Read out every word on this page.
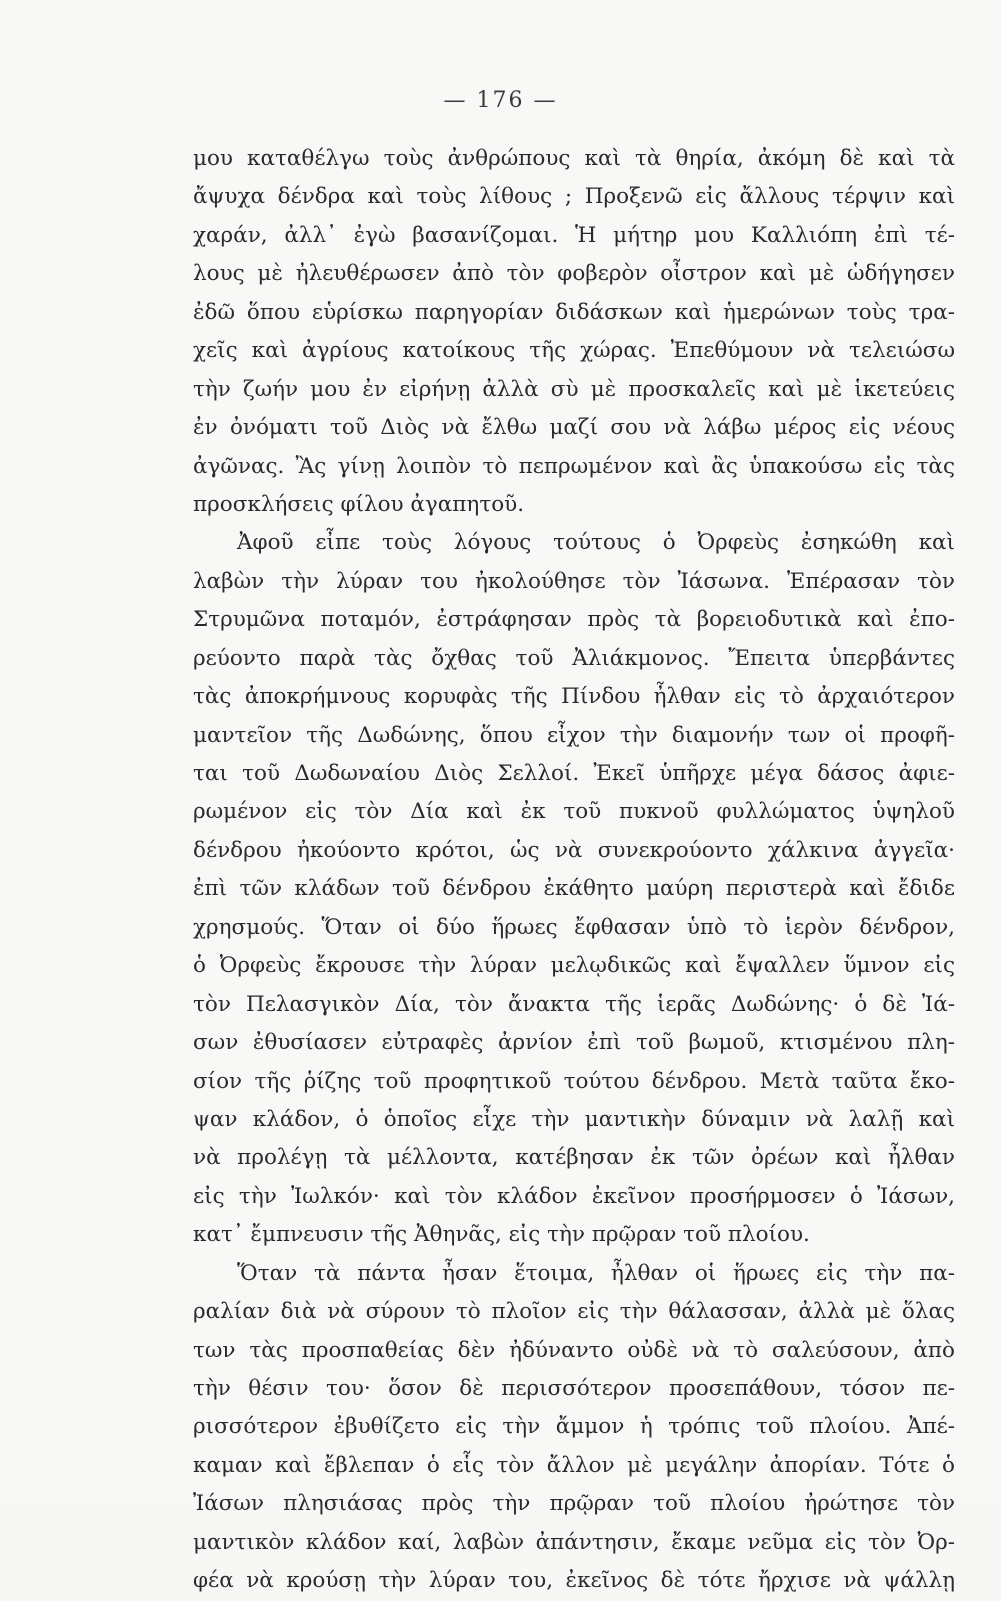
— 176 —
μου καταθέλγω τοὺς ἀνθρώπους καὶ τὰ θηρία, ἀκόμη δὲ καὶ τὰ
ἄψυχα δένδρα καὶ τοὺς λίθους ; Προξενῶ εἰς ἄλλους τέρψιν καὶ
χαράν, ἀλλ᾽ ἐγὼ βασανίζομαι. Ἡ μήτηρ μου Καλλιόπη ἐπὶ τέ-
λους μὲ ἠλευθέρωσεν ἀπὸ τὸν φοβερὸν οἶστρον καὶ μὲ ὡδήγησεν
ἐδῶ ὅπου εὑρίσκω παρηγορίαν διδάσκων καὶ ἡμερώνων τοὺς τρα-
χεῖς καὶ ἀγρίους κατοίκους τῆς χώρας. Ἐπεθύμουν νὰ τελειώσω
τὴν ζωήν μου ἐν εἰρήνῃ ἀλλὰ σὺ μὲ προσκαλεῖς καὶ μὲ ἱκετεύεις
ἐν ὀνόματι τοῦ Διὸς νὰ ἔλθω μαζί σου νὰ λάβω μέρος εἰς νέους
ἀγῶνας. Ἂς γίνῃ λοιπὸν τὸ πεπρωμένον καὶ ἂς ὑπακούσω εἰς τὰς
προσκλήσεις φίλου ἀγαπητοῦ.
Ἀφοῦ εἶπε τοὺς λόγους τούτους ὁ Ὀρφεὺς ἐσηκώθη καὶ
λαβὼν τὴν λύραν του ἠκολούθησε τὸν Ἰάσωνα. Ἐπέρασαν τὸν
Στρυμῶνα ποταμόν, ἐστράφησαν πρὸς τὰ βορειοδυτικὰ καὶ ἐπο-
ρεύοντο παρὰ τὰς ὄχθας τοῦ Ἀλιάκμονος. Ἔπειτα ὑπερβάντες
τὰς ἀποκρήμνους κορυφὰς τῆς Πίνδου ἦλθαν εἰς τὸ ἀρχαιότερον
μαντεῖον τῆς Δωδώνης, ὅπου εἶχον τὴν διαμονήν των οἱ προφῆ-
ται τοῦ Δωδωναίου Διὸς Σελλοί. Ἐκεῖ ὑπῆρχε μέγα δάσος ἀφιε-
ρωμένον εἰς τὸν Δία καὶ ἐκ τοῦ πυκνοῦ φυλλώματος ὑψηλοῦ
δένδρου ἠκούοντο κρότοι, ὡς νὰ συνεκρούοντο χάλκινα ἀγγεῖα·
ἐπὶ τῶν κλάδων τοῦ δένδρου ἐκάθητο μαύρη περιστερὰ καὶ ἔδιδε
χρησμούς. Ὅταν οἱ δύο ἥρωες ἔφθασαν ὑπὸ τὸ ἱερὸν δένδρον,
ὁ Ὀρφεὺς ἔκρουσε τὴν λύραν μελῳδικῶς καὶ ἔψαλλεν ὕμνον εἰς
τὸν Πελασγικὸν Δία, τὸν ἄνακτα τῆς ἱερᾶς Δωδώνης· ὁ δὲ Ἰά-
σων ἐθυσίασεν εὐτραφὲς ἀρνίον ἐπὶ τοῦ βωμοῦ, κτισμένου πλη-
σίον τῆς ῥίζης τοῦ προφητικοῦ τούτου δένδρου. Μετὰ ταῦτα ἔκο-
ψαν κλάδον, ὁ ὁποῖος εἶχε τὴν μαντικὴν δύναμιν νὰ λαλῇ καὶ
νὰ προλέγῃ τὰ μέλλοντα, κατέβησαν ἐκ τῶν ὀρέων καὶ ἦλθαν
εἰς τὴν Ἰωλκόν· καὶ τὸν κλάδον ἐκεῖνον προσήρμοσεν ὁ Ἰάσων,
κατ᾽ ἔμπνευσιν τῆς Ἀθηνᾶς, εἰς τὴν πρῷραν τοῦ πλοίου.
Ὅταν τὰ πάντα ἦσαν ἕτοιμα, ἦλθαν οἱ ἥρωες εἰς τὴν πα-
ραλίαν διὰ νὰ σύρουν τὸ πλοῖον εἰς τὴν θάλασσαν, ἀλλὰ μὲ ὅλας
των τὰς προσπαθείας δὲν ἠδύναντο οὐδὲ νὰ τὸ σαλεύσουν, ἀπὸ
τὴν θέσιν του· ὅσον δὲ περισσότερον προσεπάθουν, τόσον πε-
ρισσότερον ἐβυθίζετο εἰς τὴν ἄμμον ἡ τρόπις τοῦ πλοίου. Ἀπέ-
καμαν καὶ ἔβλεπαν ὁ εἷς τὸν ἄλλον μὲ μεγάλην ἀπορίαν. Τότε ὁ
Ἰάσων πλησιάσας πρὸς τὴν πρῷραν τοῦ πλοίου ἠρώτησε τὸν
μαντικὸν κλάδον καί, λαβὼν ἀπάντησιν, ἔκαμε νεῦμα εἰς τὸν Ὀρ-
φέα νὰ κρούσῃ τὴν λύραν του, ἐκεῖνος δὲ τότε ἤρχισε νὰ ψάλλῃ
